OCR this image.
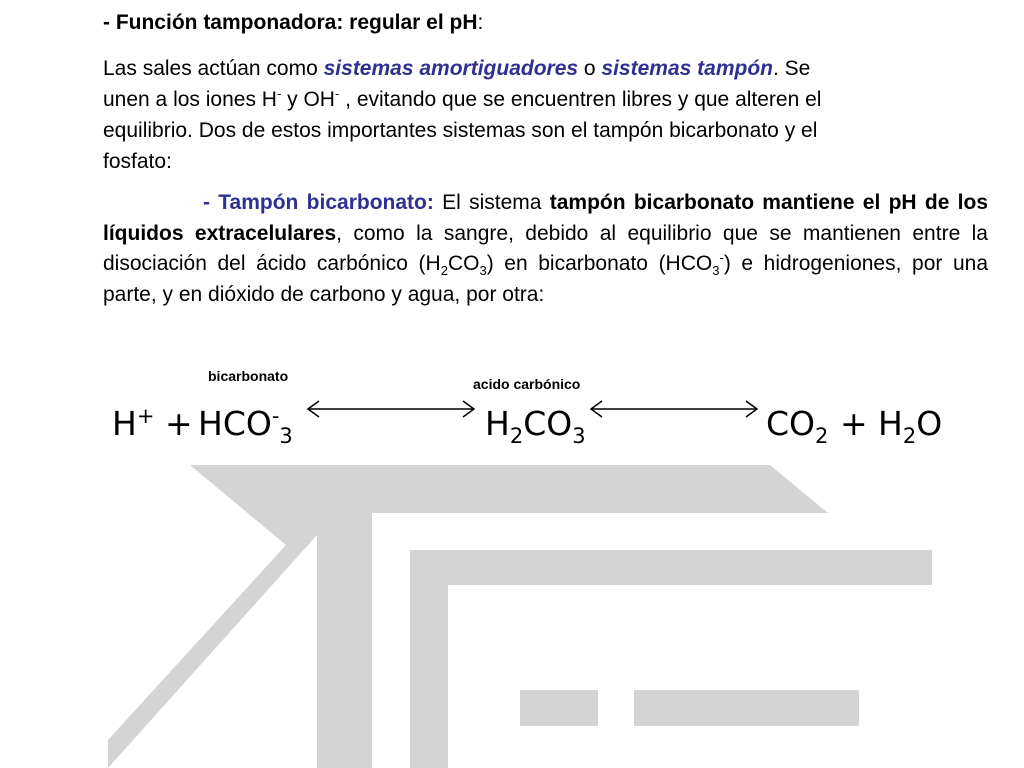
- Función tamponadora: regular el pH:
Las sales actúan como sistemas amortiguadores o sistemas tampón. Se
unen a los iones H- y OH- , evitando que se encuentren libres y que alteren el
equilibrio. Dos de estos importantes sistemas son el tampón bicarbonato y el
fosfato:
- Tampón bicarbonato: El sistema tampón bicarbonato mantiene el pH de los líquidos extracelulares, como la sangre, debido al equilibrio que se mantienen entre la disociación del ácido carbónico $(H_2CO_3)$ en bicarbonato $(HCO_3^-)$ e hidrogeniones, por una parte, y en dióxido de carbono y agua, por otra:
bicarbonato	acido carbónico
$H^+ + HCO^-_3$	$H_2CO_3$	$CO_2 + H_2O$
